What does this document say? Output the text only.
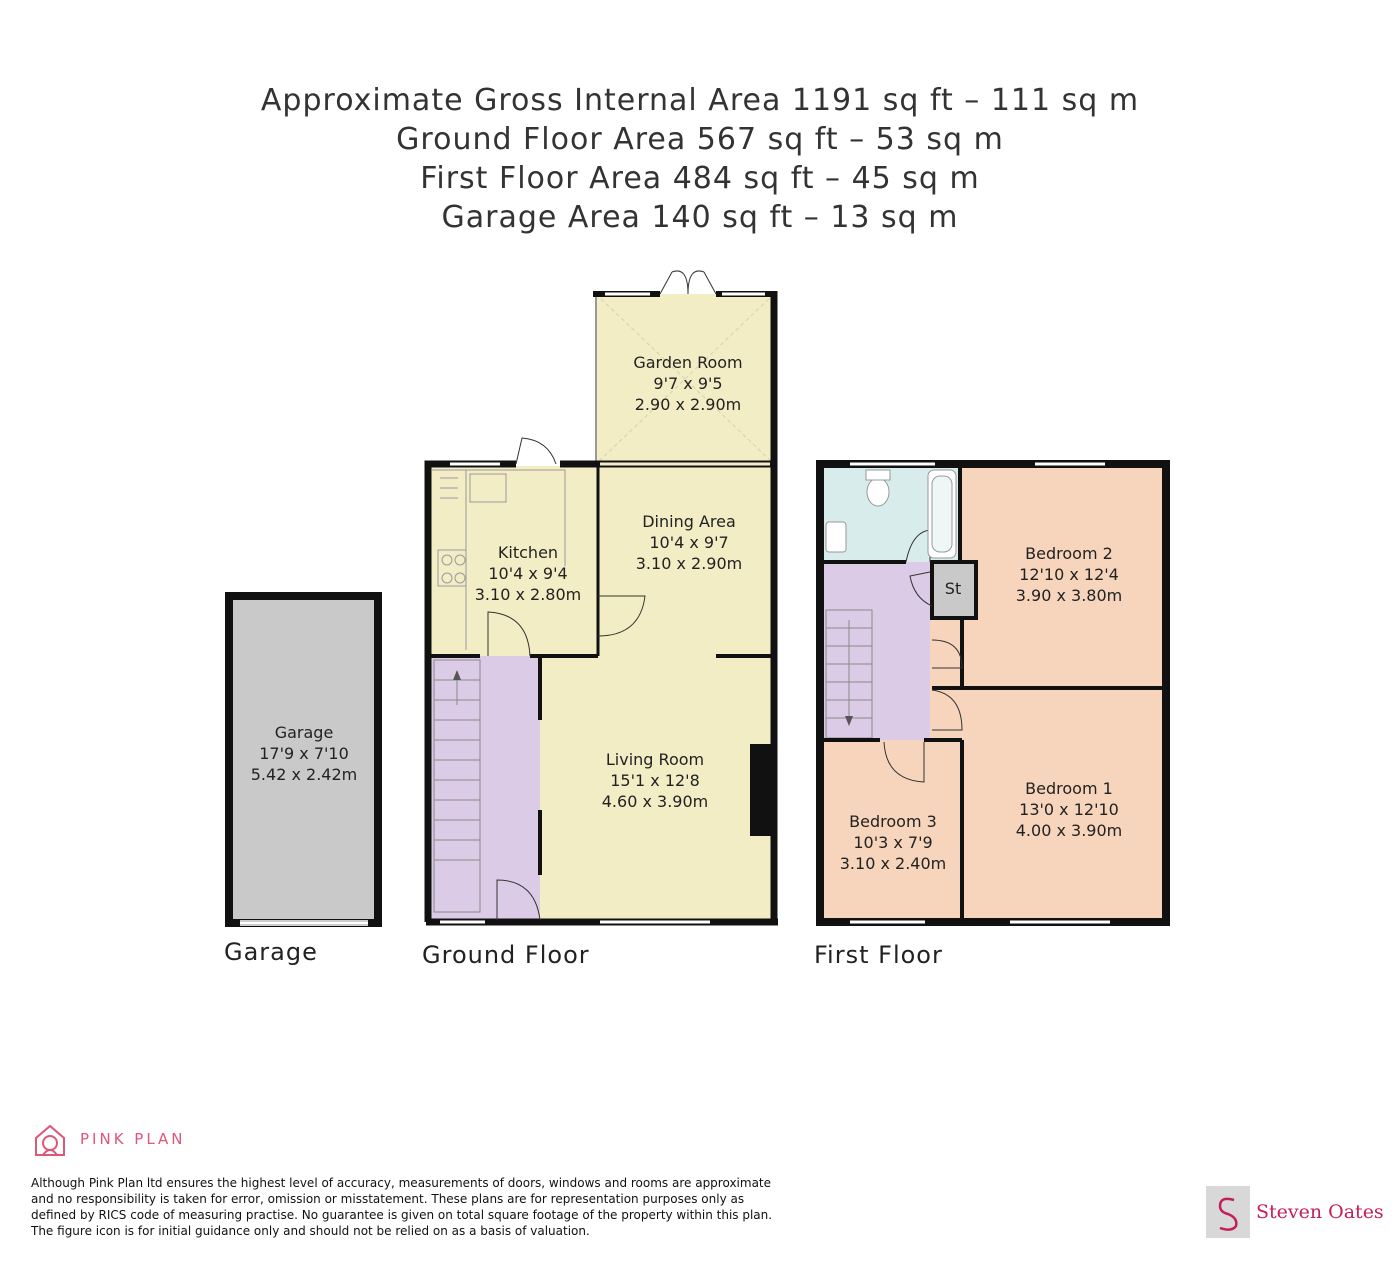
Approximate Gross Internal Area 1191 sq ft – 111 sq m
Ground Floor Area 567 sq ft – 53 sq m
First Floor Area 484 sq ft – 45 sq m
Garage Area 140 sq ft – 13 sq m
Garage
17'9 x 7'10
5.42 x 2.42m
Garden Room
9'7 x 9'5
2.90 x 2.90m
Kitchen
10'4 x 9'4
3.10 x 2.80m
Dining Area
10'4 x 9'7
3.10 x 2.90m
Living Room
15'1 x 12'8
4.60 x 3.90m
Bedroom 2
12'10 x 12'4
3.90 x 3.80m
Bedroom 1
13'0 x 12'10
4.00 x 3.90m
Bedroom 3
10'3 x 7'9
3.10 x 2.40m
St
Garage	Ground Floor	First Floor
PINK PLAN
Although Pink Plan ltd ensures the highest level of accuracy, measurements of doors, windows and rooms are approximate and no responsibility is taken for error, omission or misstatement. These plans are for representation purposes only as defined by RICS code of measuring practise. No guarantee is given on total square footage of the property within this plan. The figure icon is for initial guidance only and should not be relied on as a basis of valuation.
Steven Oates
